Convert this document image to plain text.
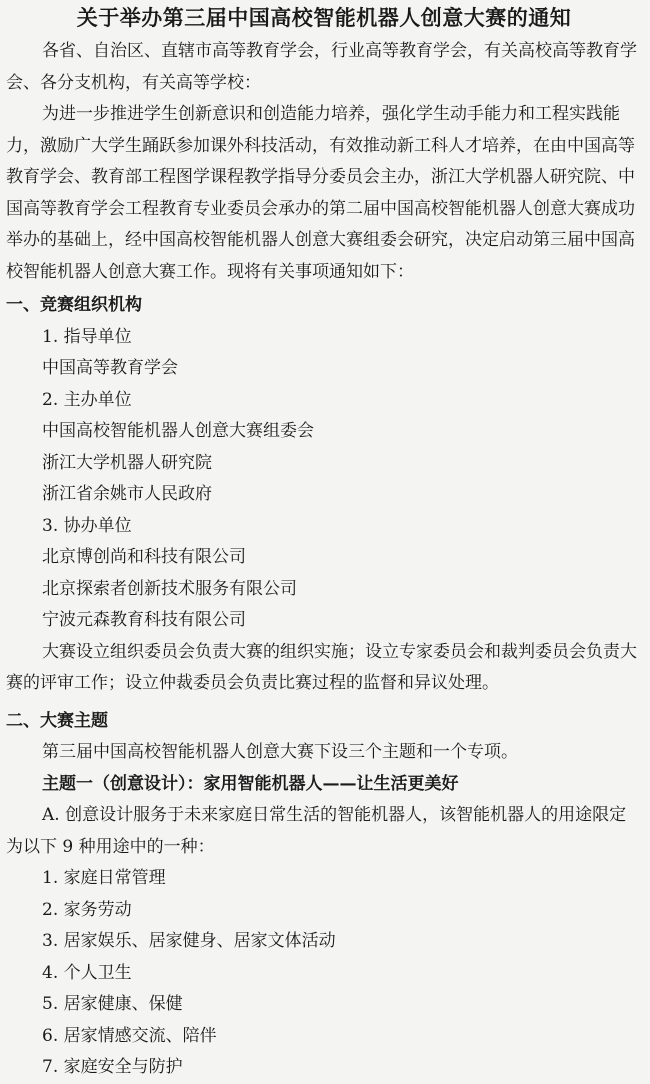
关于举办第三届中国高校智能机器人创意大赛的通知

各省、自治区、直辖市高等教育学会，行业高等教育学会，有关高校高等教育学会、各分支机构，有关高等学校：

为进一步推进学生创新意识和创造能力培养，强化学生动手能力和工程实践能力，激励广大学生踊跃参加课外科技活动，有效推动新工科人才培养，在由中国高等教育学会、教育部工程图学课程教学指导分委员会主办，浙江大学机器人研究院、中国高等教育学会工程教育专业委员会承办的第二届中国高校智能机器人创意大赛成功举办的基础上，经中国高校智能机器人创意大赛组委会研究，决定启动第三届中国高校智能机器人创意大赛工作。现将有关事项通知如下：

一、竞赛组织机构

1. 指导单位

中国高等教育学会

2. 主办单位

中国高校智能机器人创意大赛组委会

浙江大学机器人研究院

浙江省余姚市人民政府

3. 协办单位

北京博创尚和科技有限公司

北京探索者创新技术服务有限公司

宁波元森教育科技有限公司

大赛设立组织委员会负责大赛的组织实施；设立专家委员会和裁判委员会负责大赛的评审工作；设立仲裁委员会负责比赛过程的监督和异议处理。

二、大赛主题

第三届中国高校智能机器人创意大赛下设三个主题和一个专项。

主题一（创意设计）：家用智能机器人——让生活更美好

A. 创意设计服务于未来家庭日常生活的智能机器人，该智能机器人的用途限定为以下 9 种用途中的一种：

1. 家庭日常管理

2. 家务劳动

3. 居家娱乐、居家健身、居家文体活动

4. 个人卫生

5. 居家健康、保健

6. 居家情感交流、陪伴

7. 家庭安全与防护
